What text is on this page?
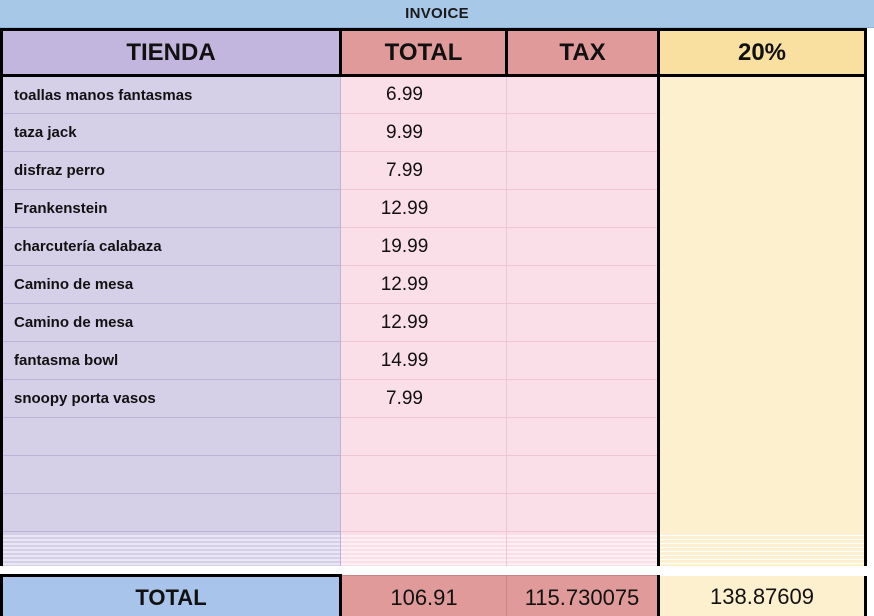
INVOICE
TIENDA	TOTAL	TAX	20%	
toallas manos fantasmas	6.99			
taza jack	9.99			
disfraz perro	7.99			
Frankenstein	12.99			
charcutería calabaza	19.99			
Camino de mesa	12.99			
Camino de mesa	12.99			
fantasma bowl	14.99			
snoopy porta vasos	7.99			

TOTAL	106.91	115.730075	138.87609	
